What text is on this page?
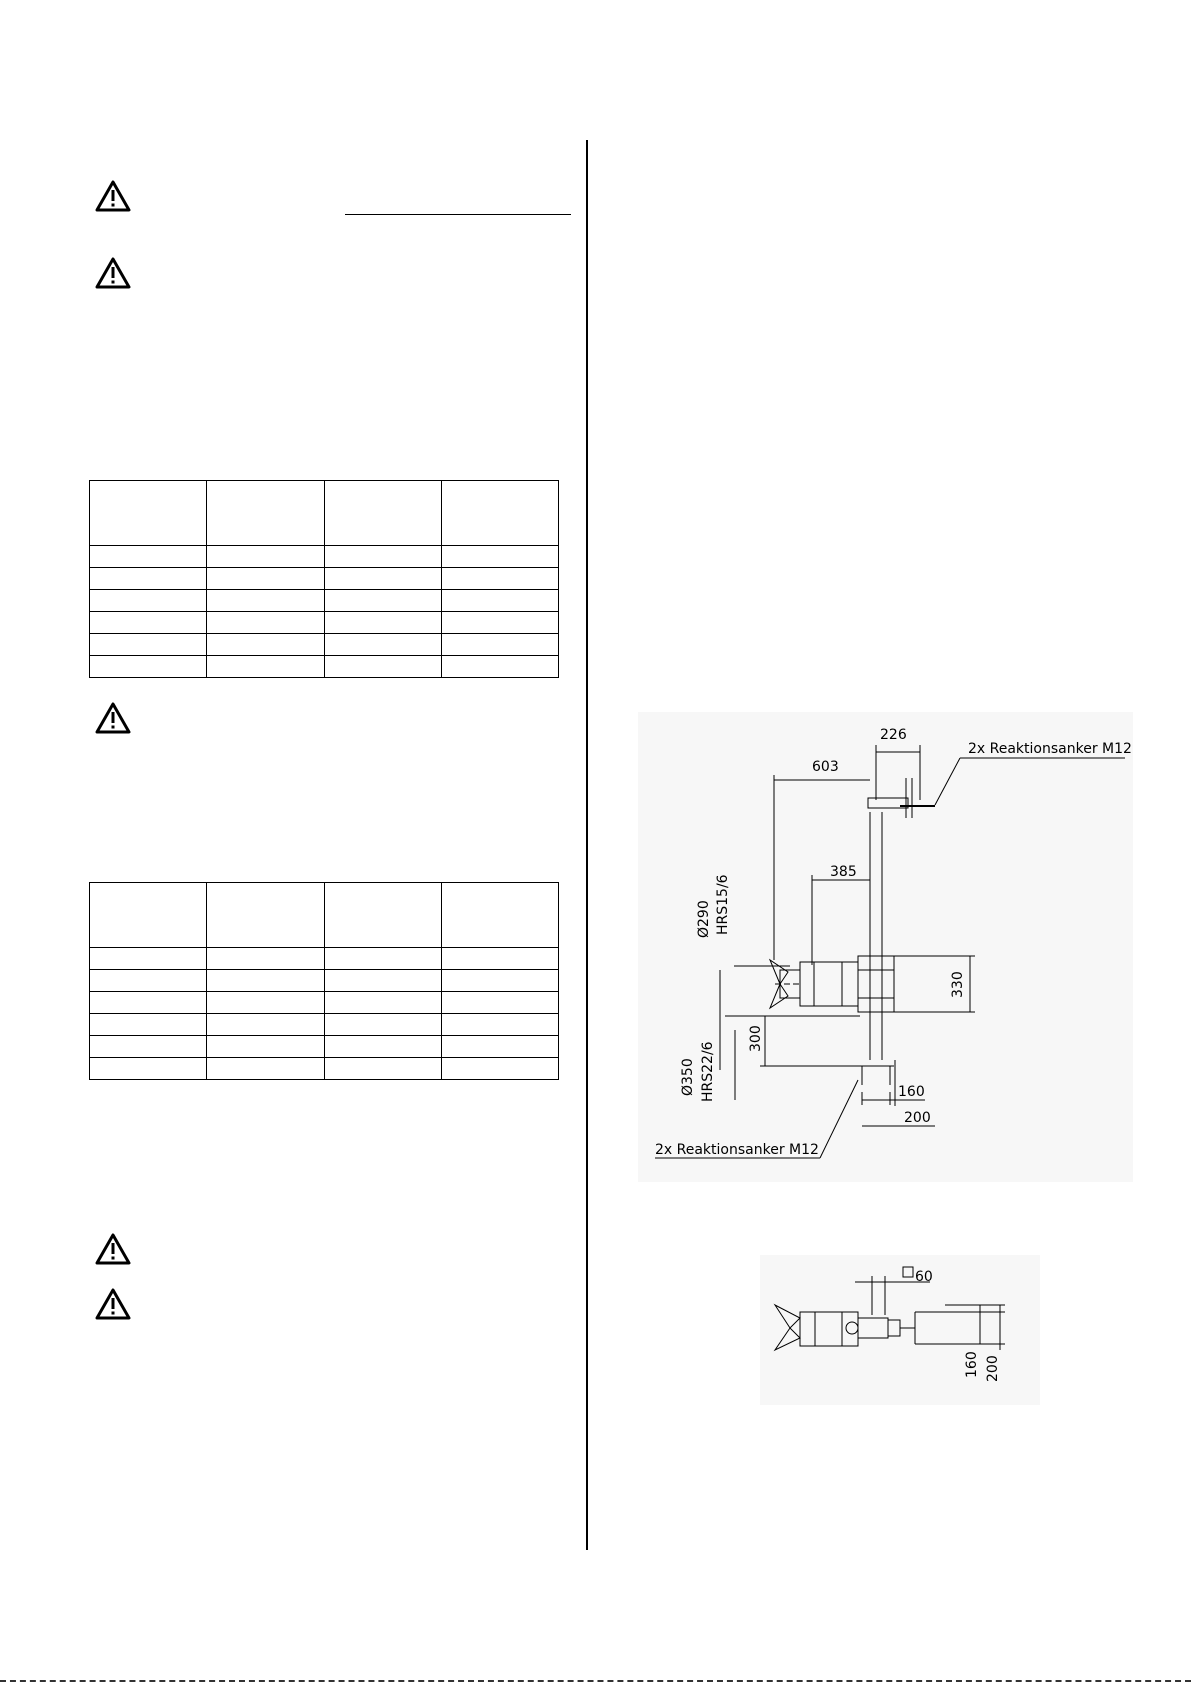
226
603
385
330
300
160
200
Ø290 HRS15/6
Ø350 HRS22/6
2x Reaktionsanker M12
2x Reaktionsanker M12
60
160 200
